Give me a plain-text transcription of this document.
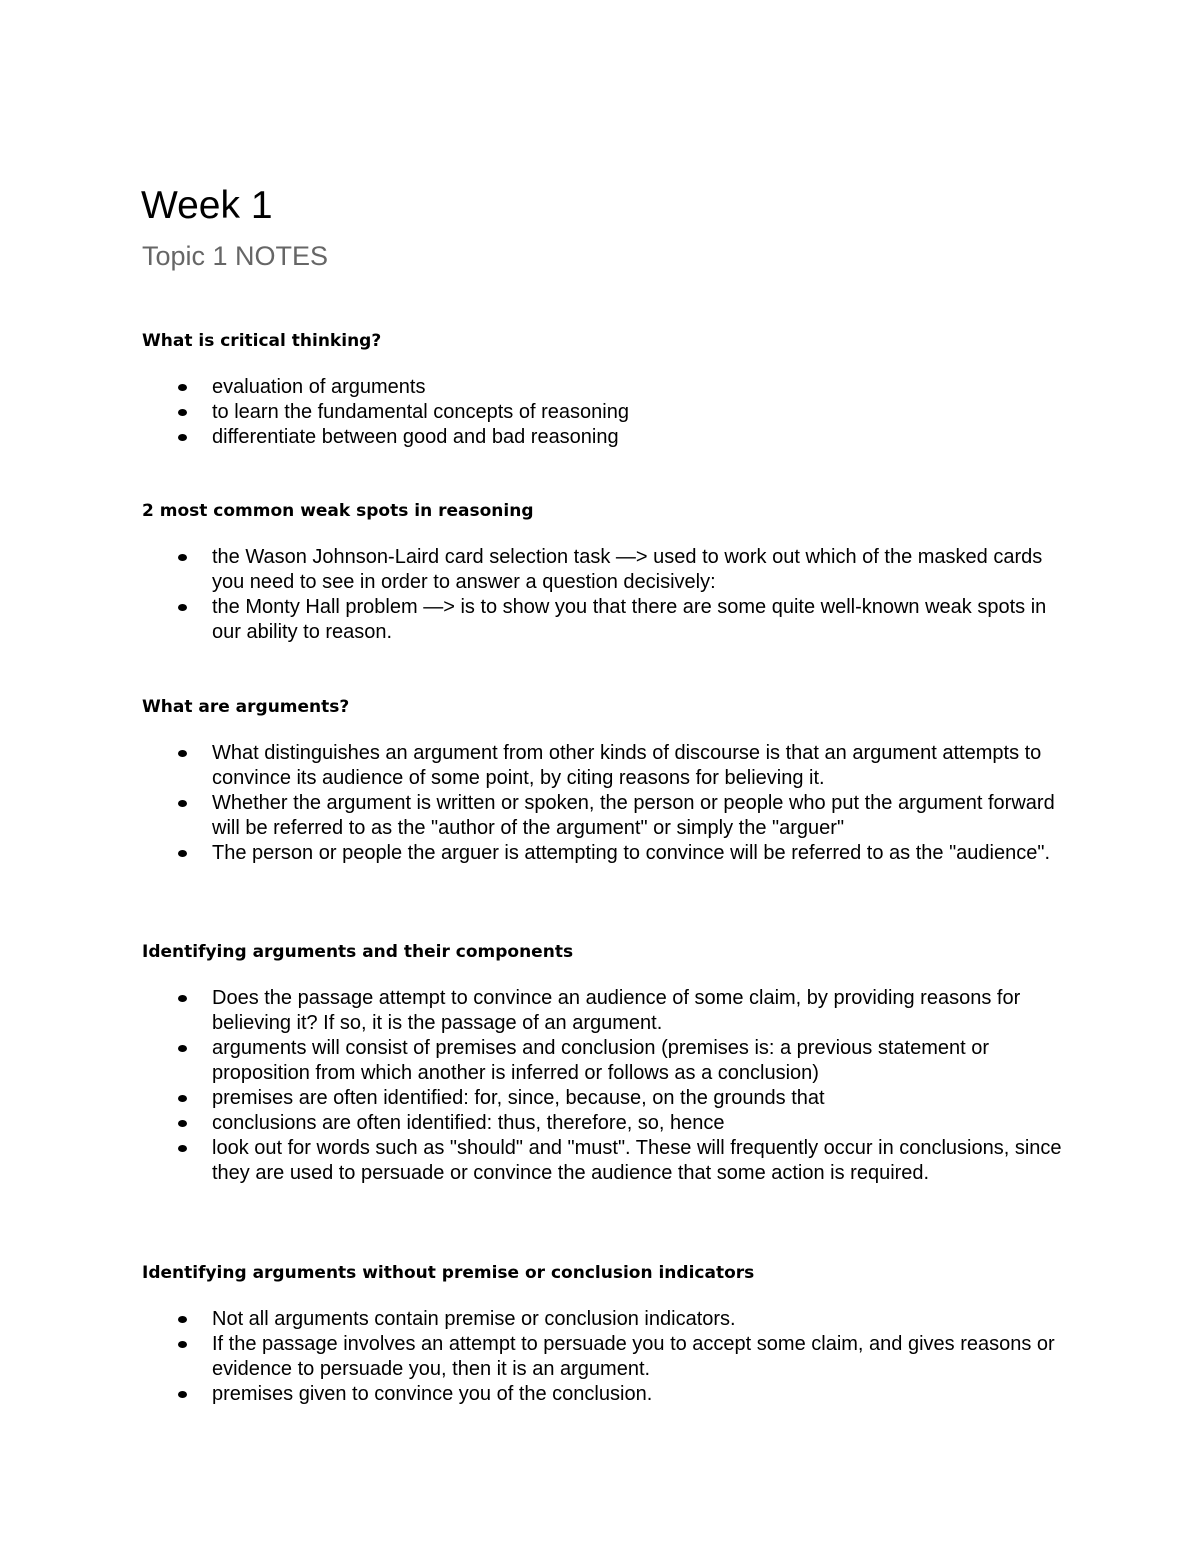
Week 1
Topic 1 NOTES
What is critical thinking?
evaluation of arguments
to learn the fundamental concepts of reasoning
differentiate between good and bad reasoning
2 most common weak spots in reasoning
the Wason Johnson-Laird card selection task —> used to work out which of the masked cards you need to see in order to answer a question decisively:
the Monty Hall problem —> is to show you that there are some quite well-known weak spots in our ability to reason.
What are arguments?
What distinguishes an argument from other kinds of discourse is that an argument attempts to convince its audience of some point, by citing reasons for believing it.
Whether the argument is written or spoken, the person or people who put the argument forward will be referred to as the "author of the argument" or simply the "arguer"
The person or people the arguer is attempting to convince will be referred to as the "audience".
Identifying arguments and their components
Does the passage attempt to convince an audience of some claim, by providing reasons for believing it? If so, it is the passage of an argument.
arguments will consist of premises and conclusion (premises is: a previous statement or proposition from which another is inferred or follows as a conclusion)
premises are often identified: for, since, because, on the grounds that
conclusions are often identified: thus, therefore, so, hence
look out for words such as "should" and "must". These will frequently occur in conclusions, since they are used to persuade or convince the audience that some action is required.
Identifying arguments without premise or conclusion indicators
Not all arguments contain premise or conclusion indicators.
If the passage involves an attempt to persuade you to accept some claim, and gives reasons or evidence to persuade you, then it is an argument.
premises given to convince you of the conclusion.
